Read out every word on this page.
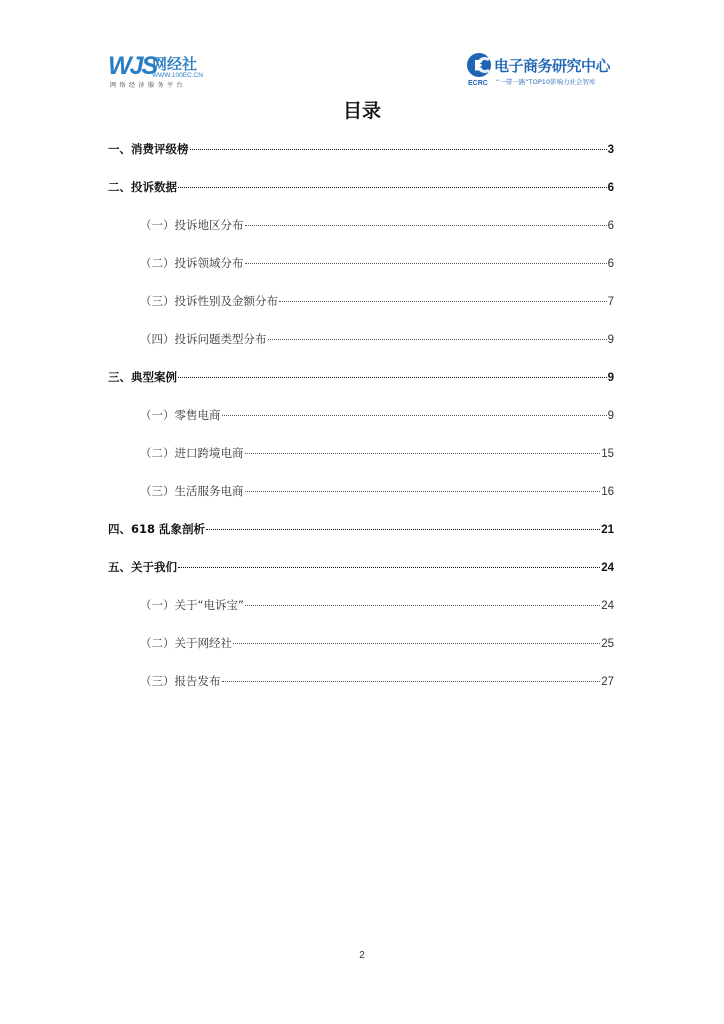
WJS
网经社
WWW.100EC.CN
网络经济服务平台
电子商务研究中心
ECRC “一带一路”TOP10影响力社会智库
目录
一、消费评级榜	3
二、投诉数据	6
（一）投诉地区分布	6
（二）投诉领域分布	6
（三）投诉性别及金额分布	7
（四）投诉问题类型分布	9
三、典型案例	9
（一）零售电商	9
（二）进口跨境电商	15
（三）生活服务电商	16
四、618 乱象剖析	21
五、关于我们	24
（一）关于“电诉宝”	24
（二）关于网经社	25
（三）报告发布	27
2
